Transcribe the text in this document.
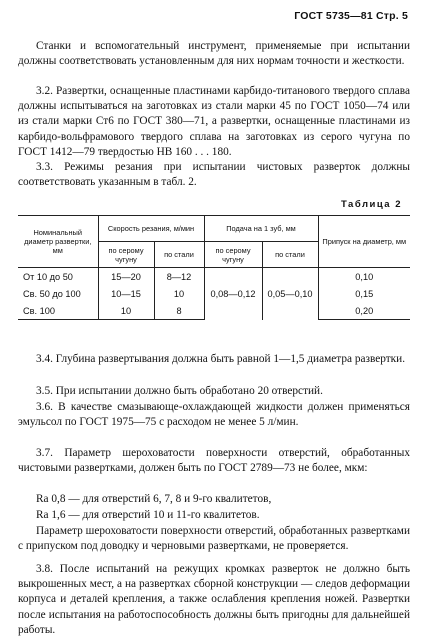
ГОСТ 5735—81 Стр. 5

Станки и вспомогательный инструмент, применяемые при испытании должны соответствовать установленным для них нормам точности и жесткости.

3.2. Развертки, оснащенные пластинами карбидо-титанового твердого сплава должны испытываться на заготовках из стали марки 45 по ГОСТ 1050—74 или из стали марки Ст6 по ГОСТ 380—71, а развертки, оснащенные пластинами из карбидо-вольфрамового твердого сплава на заготовках из серого чугуна по ГОСТ 1412—79 твердостью НВ 160 . . . 180.

3.3. Режимы резания при испытании чистовых разверток должны соответствовать указанным в табл. 2.

Таблица 2
Номинальный диаметр развертки, мм	Скорость резания, м/мин		Подача на 1 зуб, мм		Припуск на диаметр, мм
	по серому чугуну	по стали	по серому чугуну	по стали	
От 10 до 50	15—20	8—12	0,08—0,12	0,05—0,10	0,10
Св. 50 до 100	10—15	10			0,15
Св. 100	10	8			0,20

3.4. Глубина развертывания должна быть равной 1—1,5 диаметра развертки.

3.5. При испытании должно быть обработано 20 отверстий.

3.6. В качестве смазывающе-охлаждающей жидкости должен применяться эмульсол по ГОСТ 1975—75 с расходом не менее 5 л/мин.

3.7. Параметр шероховатости поверхности отверстий, обработанных чистовыми развертками, должен быть по ГОСТ 2789—73 не более, мкм:

Ra 0,8 — для отверстий 6, 7, 8 и 9-го квалитетов,

Ra 1,6 — для отверстий 10 и 11-го квалитетов.

Параметр шероховатости поверхности отверстий, обработанных развертками с припуском под доводку и черновыми развертками, не проверяется.

3.8. После испытаний на режущих кромках разверток не должно быть выкрошенных мест, а на развертках сборной конструкции — следов деформации корпуса и деталей крепления, а также ослабления крепления ножей. Развертки после испытания на работоспособность должны быть пригодны для дальнейшей работы.
